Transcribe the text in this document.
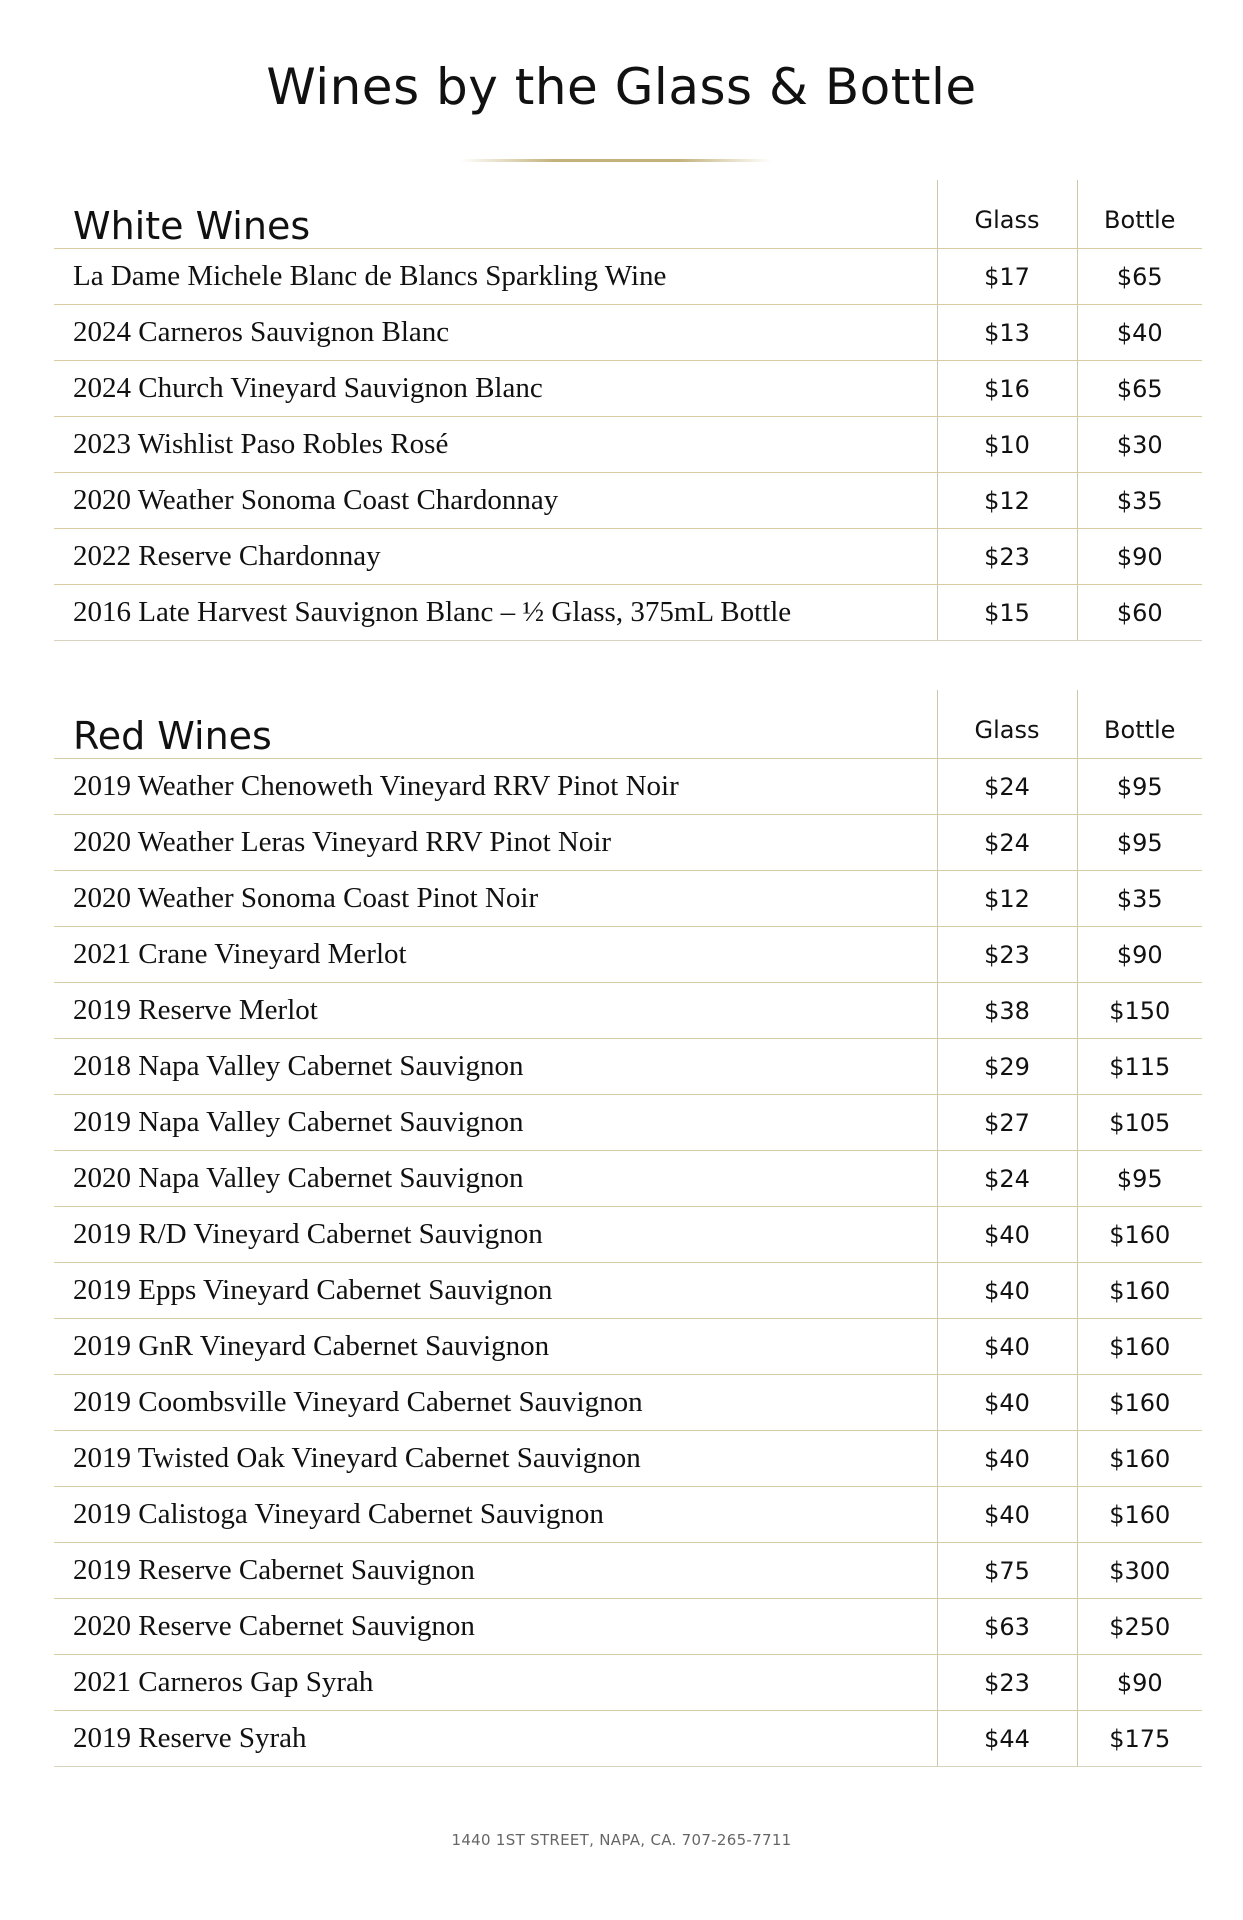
Wines by the Glass & Bottle
White Wines	Glass	Bottle
La Dame Michele Blanc de Blancs Sparkling Wine	$17	$65
2024 Carneros Sauvignon Blanc	$13	$40
2024 Church Vineyard Sauvignon Blanc	$16	$65
2023 Wishlist Paso Robles Rosé	$10	$30
2020 Weather Sonoma Coast Chardonnay	$12	$35
2022 Reserve Chardonnay	$23	$90
2016 Late Harvest Sauvignon Blanc – ½ Glass, 375mL Bottle	$15	$60
Red Wines	Glass	Bottle
2019 Weather Chenoweth Vineyard RRV Pinot Noir	$24	$95
2020 Weather Leras Vineyard RRV Pinot Noir	$24	$95
2020 Weather Sonoma Coast Pinot Noir	$12	$35
2021 Crane Vineyard Merlot	$23	$90
2019 Reserve Merlot	$38	$150
2018 Napa Valley Cabernet Sauvignon	$29	$115
2019 Napa Valley Cabernet Sauvignon	$27	$105
2020 Napa Valley Cabernet Sauvignon	$24	$95
2019 R/D Vineyard Cabernet Sauvignon	$40	$160
2019 Epps Vineyard Cabernet Sauvignon	$40	$160
2019 GnR Vineyard Cabernet Sauvignon	$40	$160
2019 Coombsville Vineyard Cabernet Sauvignon	$40	$160
2019 Twisted Oak Vineyard Cabernet Sauvignon	$40	$160
2019 Calistoga Vineyard Cabernet Sauvignon	$40	$160
2019 Reserve Cabernet Sauvignon	$75	$300
2020 Reserve Cabernet Sauvignon	$63	$250
2021 Carneros Gap Syrah	$23	$90
2019 Reserve Syrah	$44	$175
1440 1ST STREET, NAPA, CA. 707-265-7711
